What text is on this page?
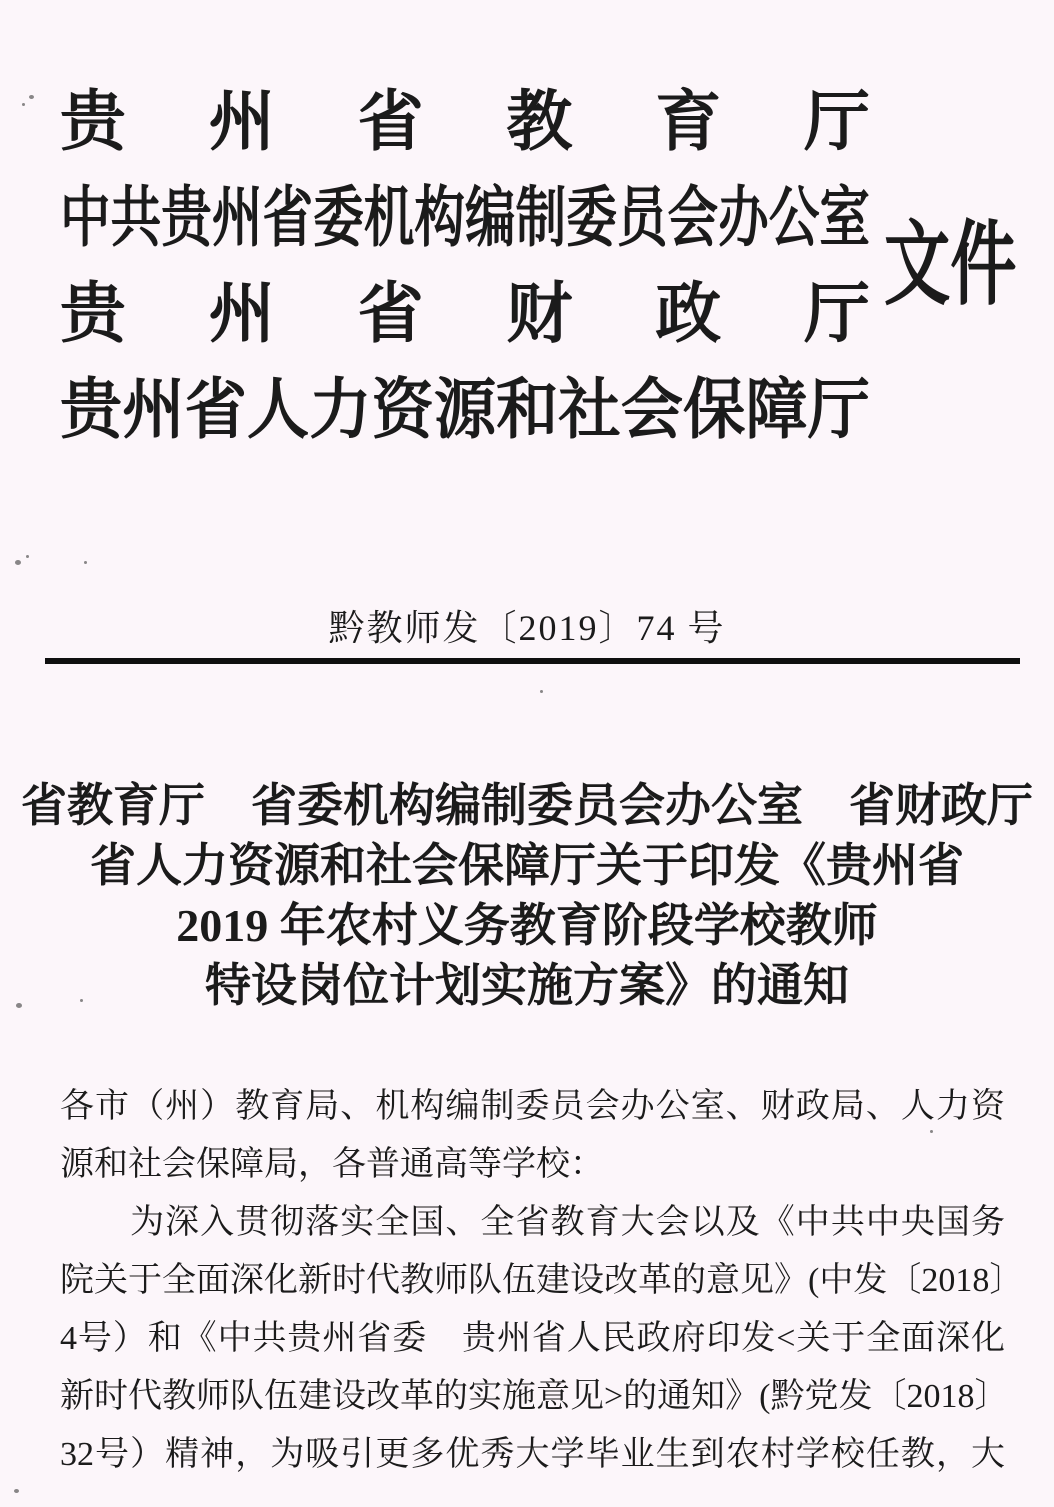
贵州省教育厅
中共贵州省委机构编制委员会办公室
贵州省财政厅
贵州省人力资源和社会保障厅
文件
黔教师发〔2019〕74 号
省教育厅　省委机构编制委员会办公室　省财政厅
省人力资源和社会保障厅关于印发《贵州省
2019 年农村义务教育阶段学校教师
特设岗位计划实施方案》的通知
各市（州）教育局、机构编制委员会办公室、财政局、人力资
源和社会保障局，各普通高等学校：
　　为深入贯彻落实全国、全省教育大会以及《中共中央国务
院关于全面深化新时代教师队伍建设改革的意见》(中发〔2018〕
4号）和《中共贵州省委　贵州省人民政府印发<关于全面深化
新时代教师队伍建设改革的实施意见>的通知》(黔党发〔2018〕
32号）精神，为吸引更多优秀大学毕业生到农村学校任教，大
